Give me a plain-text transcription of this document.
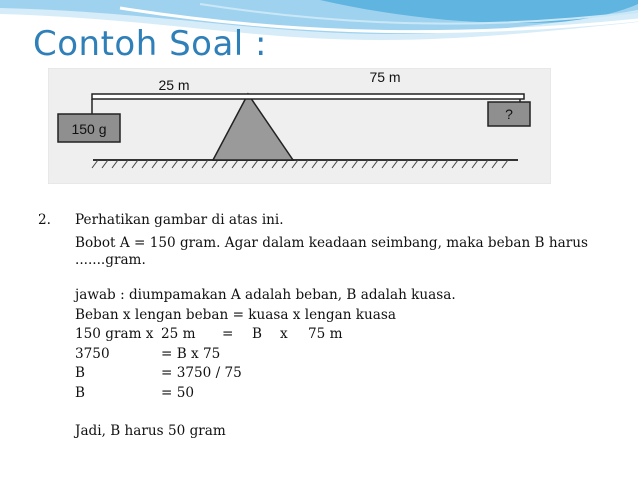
Contoh Soal :
150 g
?
25 m	75 m
2. Perhatikan gambar di atas ini.
Bobot A = 150 gram. Agar dalam keadaan seimbang, maka beban B harus
.......gram.
jawab : diumpamakan A adalah beban, B adalah kuasa.
Beban x lengan beban = kuasa x lengan kuasa
150 gram x 25 m = B x 75 m
3750	= B x 75
B	= 3750 / 75
B	= 50
Jadi, B harus 50 gram
